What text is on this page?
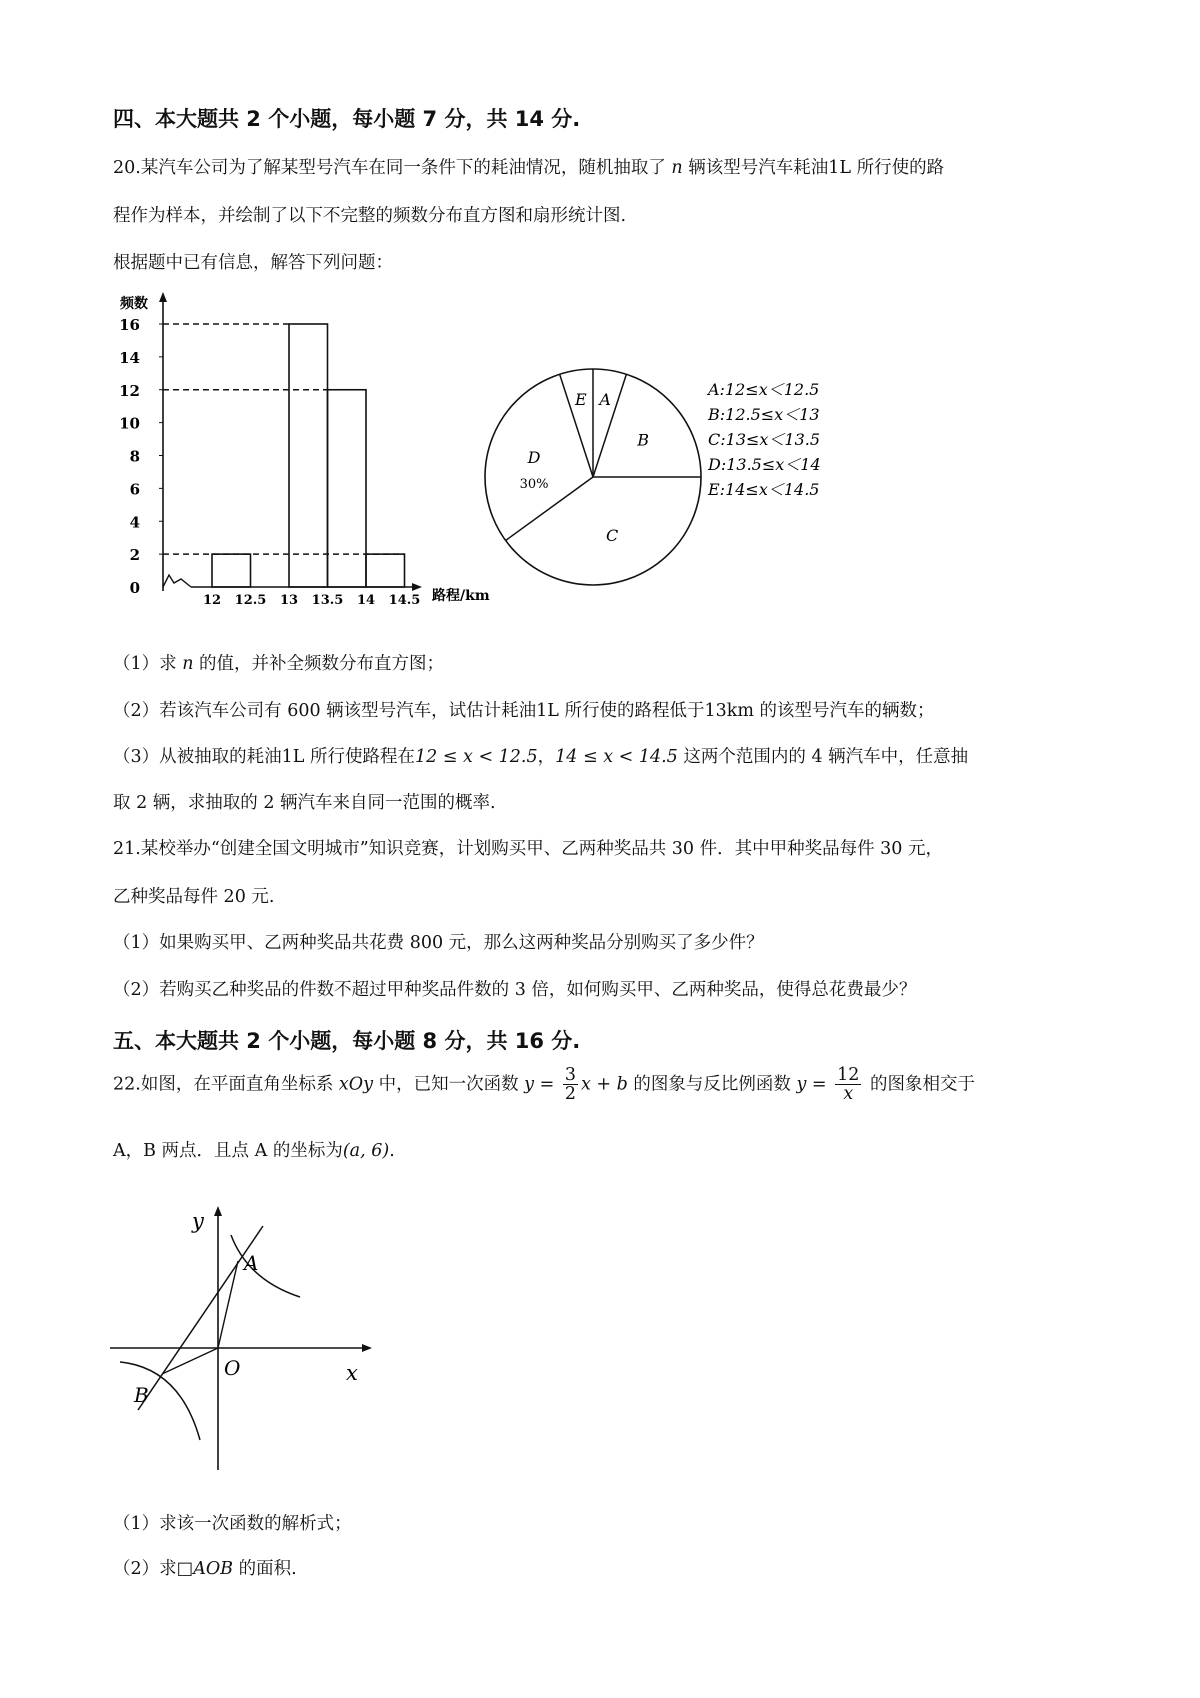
四、本大题共 2 个小题，每小题 7 分，共 14 分.
20.某汽车公司为了解某型号汽车在同一条件下的耗油情况，随机抽取了 n 辆该型号汽车耗油1L 所行使的路
程作为样本，并绘制了以下不完整的频数分布直方图和扇形统计图.
根据题中已有信息，解答下列问题：
频数
路程/km
0
2
4
6
8
10
12
14
16
12 12.5 13 13.5 14 14.5
A
B
C
D
30%
E
A:12≤x＜12.5
B:12.5≤x＜13
C:13≤x＜13.5
D:13.5≤x＜14
E:14≤x＜14.5
（1）求 n 的值，并补全频数分布直方图；
（2）若该汽车公司有 600 辆该型号汽车，试估计耗油1L 所行使的路程低于13km 的该型号汽车的辆数；
（3）从被抽取的耗油1L 所行使路程在12 ≤ x < 12.5，14 ≤ x < 14.5 这两个范围内的 4 辆汽车中，任意抽
取 2 辆，求抽取的 2 辆汽车来自同一范围的概率.
21.某校举办“创建全国文明城市”知识竞赛，计划购买甲、乙两种奖品共 30 件．其中甲种奖品每件 30 元，
乙种奖品每件 20 元.
（1）如果购买甲、乙两种奖品共花费 800 元，那么这两种奖品分别购买了多少件？
（2）若购买乙种奖品的件数不超过甲种奖品件数的 3 倍，如何购买甲、乙两种奖品，使得总花费最少？
五、本大题共 2 个小题，每小题 8 分，共 16 分.
22.如图，在平面直角坐标系 xOy 中，已知一次函数 $y = \frac{3}{2}$ x + b 的图象与反比例函数 $y = \frac{12}{x}$ 的图象相交于
A，B 两点．且点 A 的坐标为(a, 6).
y
x
O
A
B
（1）求该一次函数的解析式；
（2）求□AOB 的面积.
